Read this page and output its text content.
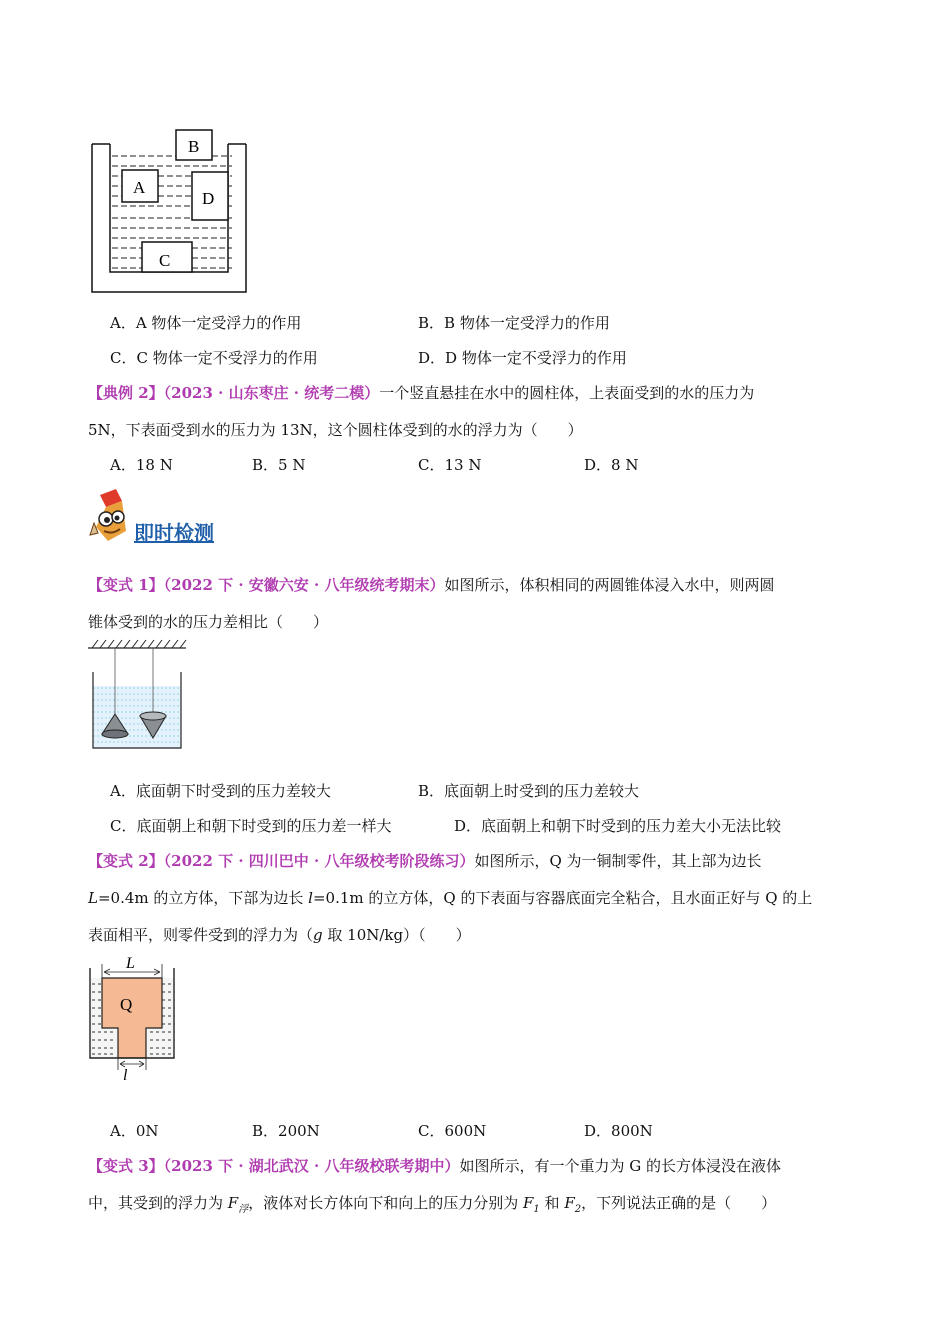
B
A
D
C
A．A 物体一定受浮力的作用	B．B 物体一定受浮力的作用
C．C 物体一定不受浮力的作用	D．D 物体一定不受浮力的作用
【典例 2】（2023 · 山东枣庄 · 统考二模）一个竖直悬挂在水中的圆柱体，上表面受到的水的压力为
5N，下表面受到水的压力为 13N，这个圆柱体受到的水的浮力为（　　）
A．18 N	B．5 N	C．13 N	D．8 N
即时检测
【变式 1】（2022 下 · 安徽六安 · 八年级统考期末）如图所示，体积相同的两圆锥体浸入水中，则两圆
锥体受到的水的压力差相比（　　）
A．底面朝下时受到的压力差较大	B．底面朝上时受到的压力差较大
C．底面朝上和朝下时受到的压力差一样大	D．底面朝上和朝下时受到的压力差大小无法比较
【变式 2】（2022 下 · 四川巴中 · 八年级校考阶段练习）如图所示，Q 为一铜制零件，其上部为边长
L=0.4m 的立方体，下部为边长 l=0.1m 的立方体，Q 的下表面与容器底面完全粘合，且水面正好与 Q 的上
表面相平，则零件受到的浮力为（g 取 10N/kg）（　　）
L
Q
l
A．0N	B．200N	C．600N	D．800N
【变式 3】（2023 下 · 湖北武汉 · 八年级校联考期中）如图所示，有一个重力为 G 的长方体浸没在液体
中，其受到的浮力为 $F_浮$，液体对长方体向下和向上的压力分别为 $F_1$ 和 $F_2$，下列说法正确的是（　　）
